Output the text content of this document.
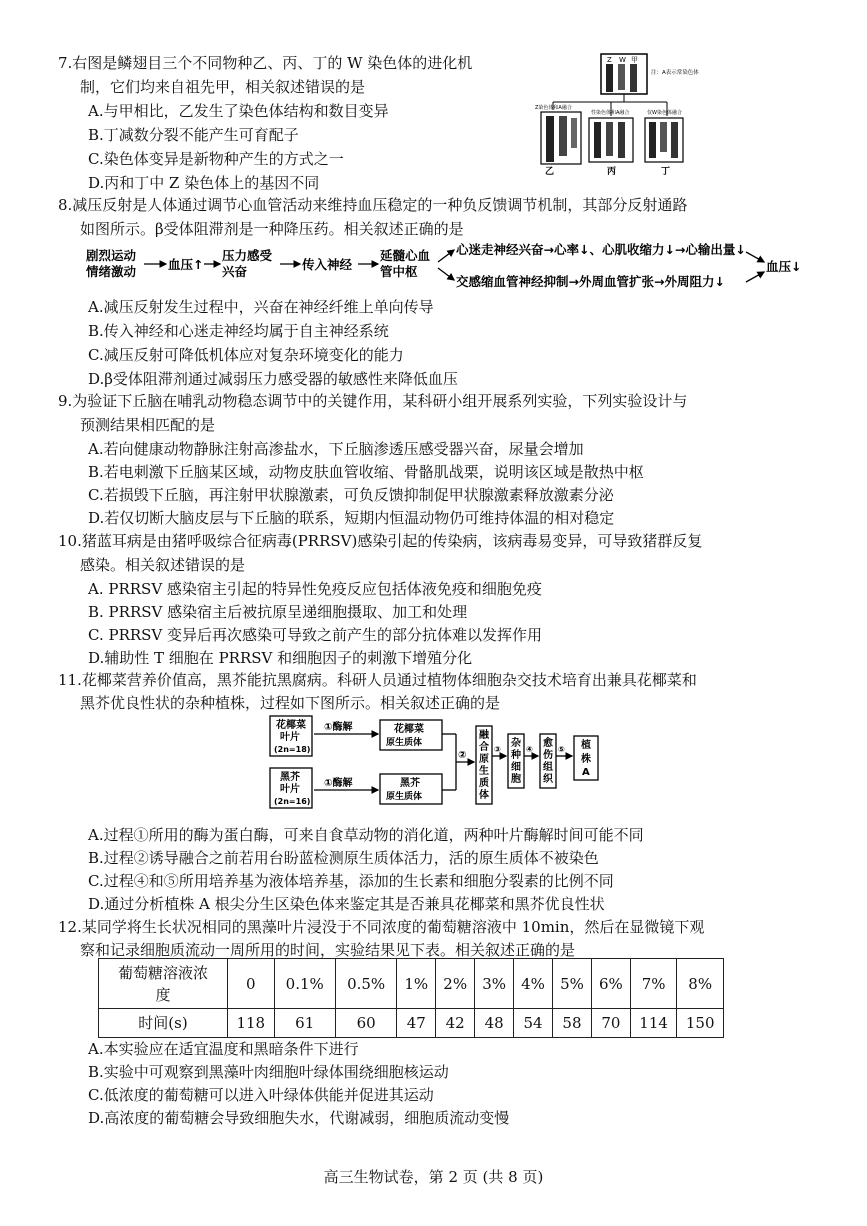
7.右图是鳞翅目三个不同物种乙、丙、丁的 W 染色体的进化机
制，它们均来自祖先甲，相关叙述错误的是
A.与甲相比，乙发生了染色体结构和数目变异
B.丁减数分裂不能产生可育配子
C.染色体变异是新物种产生的方式之一
D.丙和丁中 Z 染色体上的基因不同
Z W 甲
注：A表示常染色体
Z染色体和A融合
乙
性染色体和A融合
丙
仅W染色体融合
丁
8.减压反射是人体通过调节心血管活动来维持血压稳定的一种负反馈调节机制，其部分反射通路
如图所示。β受体阻滞剂是一种降压药。相关叙述正确的是
剧烈运动
情绪激动	血压↑
压力感受
兴奋	传入神经
延髓心血
管中枢
心迷走神经兴奋→心率↓、心肌收缩力↓→心输出量↓
交感缩血管神经抑制→外周血管扩张→外周阻力↓
血压↓
A.减压反射发生过程中，兴奋在神经纤维上单向传导
B.传入神经和心迷走神经均属于自主神经系统
C.减压反射可降低机体应对复杂环境变化的能力
D.β受体阻滞剂通过减弱压力感受器的敏感性来降低血压
9.为验证下丘脑在哺乳动物稳态调节中的关键作用，某科研小组开展系列实验，下列实验设计与
预测结果相匹配的是
A.若向健康动物静脉注射高渗盐水，下丘脑渗透压感受器兴奋，尿量会增加
B.若电刺激下丘脑某区域，动物皮肤血管收缩、骨骼肌战栗，说明该区域是散热中枢
C.若损毁下丘脑，再注射甲状腺激素，可负反馈抑制促甲状腺激素释放激素分泌
D.若仅切断大脑皮层与下丘脑的联系，短期内恒温动物仍可维持体温的相对稳定
10.猪蓝耳病是由猪呼吸综合征病毒(PRRSV)感染引起的传染病，该病毒易变异，可导致猪群反复
感染。相关叙述错误的是
A. PRRSV 感染宿主引起的特异性免疫反应包括体液免疫和细胞免疫
B. PRRSV 感染宿主后被抗原呈递细胞摄取、加工和处理
C. PRRSV 变异后再次感染可导致之前产生的部分抗体难以发挥作用
D.辅助性 T 细胞在 PRRSV 和细胞因子的刺激下增殖分化
11.花椰菜营养价值高，黑芥能抗黑腐病。科研人员通过植物体细胞杂交技术培育出兼具花椰菜和
黑芥优良性状的杂种植株，过程如下图所示。相关叙述正确的是
花椰菜
叶片
(2n=18)
黑芥
叶片
(2n=16)
①酶解
①酶解
花椰菜
原生质体
黑芥
原生质体
②
融
合
原
生
质
体
③
杂
种
细
胞
④
愈
伤
组
织
⑤ 植
株
A
A.过程①所用的酶为蛋白酶，可来自食草动物的消化道，两种叶片酶解时间可能不同
B.过程②诱导融合之前若用台盼蓝检测原生质体活力，活的原生质体不被染色
C.过程④和⑤所用培养基为液体培养基，添加的生长素和细胞分裂素的比例不同
D.通过分析植株 A 根尖分生区染色体来鉴定其是否兼具花椰菜和黑芥优良性状
12.某同学将生长状况相同的黑藻叶片浸没于不同浓度的葡萄糖溶液中 10min，然后在显微镜下观
察和记录细胞质流动一周所用的时间，实验结果见下表。相关叙述正确的是
葡萄糖溶液浓
度	0	0.1%	0.5%	1%	2%	3%	4%	5%	6%	7%	8%
时间(s)	118	61	60	47	42	48	54	58	70	114	150
A.本实验应在适宜温度和黑暗条件下进行
B.实验中可观察到黑藻叶肉细胞叶绿体围绕细胞核运动
C.低浓度的葡萄糖可以进入叶绿体供能并促进其运动
D.高浓度的葡萄糖会导致细胞失水，代谢减弱，细胞质流动变慢
高三生物试卷，第 2 页 (共 8 页)
